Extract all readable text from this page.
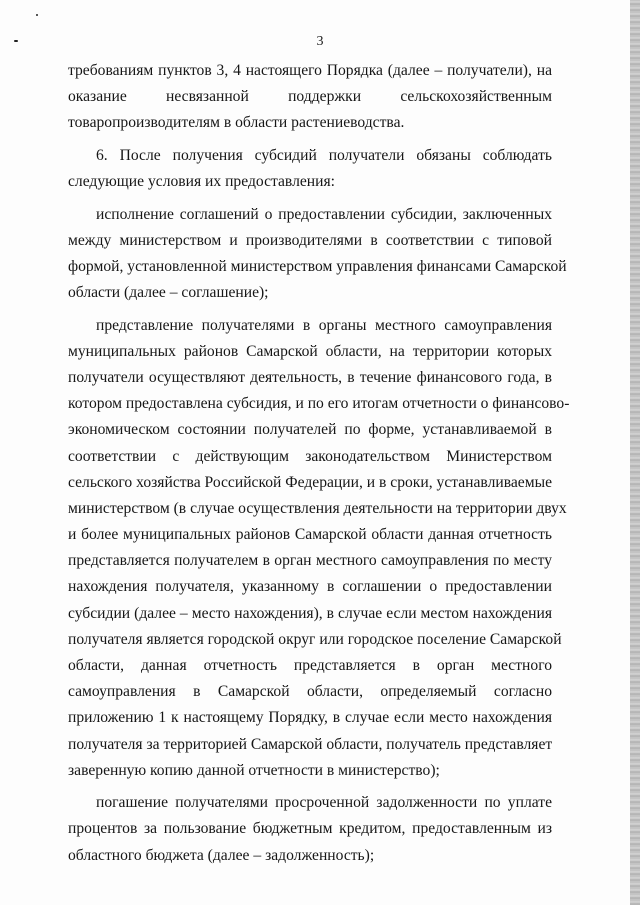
3
требованиям пунктов 3, 4 настоящего Порядка (далее – получатели), на
оказание несвязанной поддержки сельскохозяйственным
товаропроизводителям в области растениеводства.
6. После получения субсидий получатели обязаны соблюдать
следующие условия их предоставления:
исполнение соглашений о предоставлении субсидии, заключенных
между министерством и производителями в соответствии с типовой
формой, установленной министерством управления финансами Самарской
области (далее – соглашение);
представление получателями в органы местного самоуправления
муниципальных районов Самарской области, на территории которых
получатели осуществляют деятельность, в течение финансового года, в
котором предоставлена субсидия, и по его итогам отчетности о финансово-
экономическом состоянии получателей по форме, устанавливаемой в
соответствии с действующим законодательством Министерством
сельского хозяйства Российской Федерации, и в сроки, устанавливаемые
министерством (в случае осуществления деятельности на территории двух
и более муниципальных районов Самарской области данная отчетность
представляется получателем в орган местного самоуправления по месту
нахождения получателя, указанному в соглашении о предоставлении
субсидии (далее – место нахождения), в случае если местом нахождения
получателя является городской округ или городское поселение Самарской
области, данная отчетность представляется в орган местного
самоуправления в Самарской области, определяемый согласно
приложению 1 к настоящему Порядку, в случае если место нахождения
получателя за территорией Самарской области, получатель представляет
заверенную копию данной отчетности в министерство);
погашение получателями просроченной задолженности по уплате
процентов за пользование бюджетным кредитом, предоставленным из
областного бюджета (далее – задолженность);
